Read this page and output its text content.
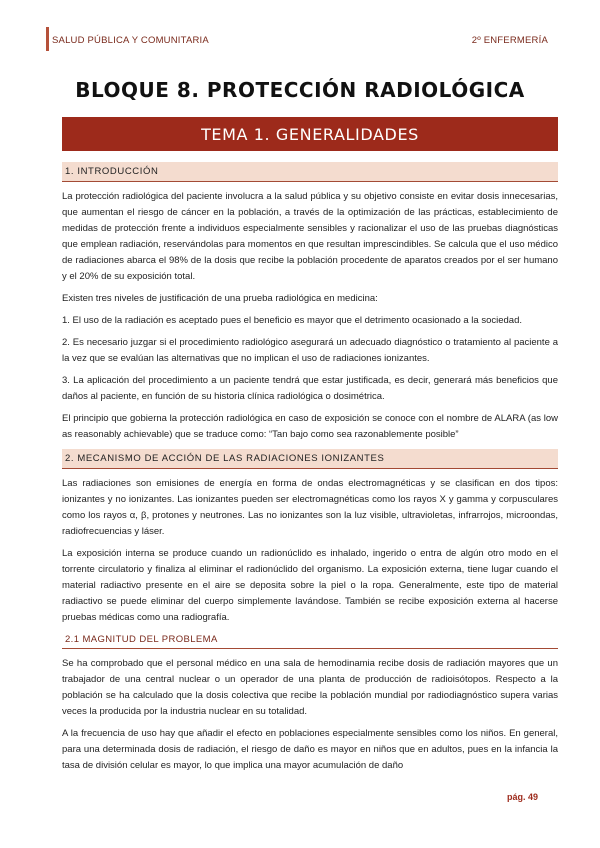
SALUD PÚBLICA Y COMUNITARIA	2º ENFERMERÍA
BLOQUE 8. PROTECCIÓN RADIOLÓGICA
TEMA 1. GENERALIDADES
1. INTRODUCCIÓN

La protección radiológica del paciente involucra a la salud pública y su objetivo consiste en evitar dosis innecesarias, que aumentan el riesgo de cáncer en la población, a través de la optimización de las prácticas, establecimiento de medidas de protección frente a individuos especialmente sensibles y racionalizar el uso de las pruebas diagnósticas que emplean radiación, reservándolas para momentos en que resultan imprescindibles. Se calcula que el uso médico de radiaciones abarca el 98% de la dosis que recibe la población procedente de aparatos creados por el ser humano y el 20% de su exposición total.

Existen tres niveles de justificación de una prueba radiológica en medicina:

1. El uso de la radiación es aceptado pues el beneficio es mayor que el detrimento ocasionado a la sociedad.

2. Es necesario juzgar si el procedimiento radiológico asegurará un adecuado diagnóstico o tratamiento al paciente a la vez que se evalúan las alternativas que no implican el uso de radiaciones ionizantes.

3. La aplicación del procedimiento a un paciente tendrá que estar justificada, es decir, generará más beneficios que daños al paciente, en función de su historia clínica radiológica o dosimétrica.

El principio que gobierna la protección radiológica en caso de exposición se conoce con el nombre de ALARA (as low as reasonably achievable) que se traduce como: “Tan bajo como sea razonablemente posible”

2. MECANISMO DE ACCIÓN DE LAS RADIACIONES IONIZANTES

Las radiaciones son emisiones de energía en forma de ondas electromagnéticas y se clasifican en dos tipos: ionizantes y no ionizantes. Las ionizantes pueden ser electromagnéticas como los rayos X y gamma y corpusculares como los rayos α, β, protones y neutrones. Las no ionizantes son la luz visible, ultravioletas, infrarrojos, microondas, radiofrecuencias y láser.

La exposición interna se produce cuando un radionúclido es inhalado, ingerido o entra de algún otro modo en el torrente circulatorio y finaliza al eliminar el radionúclido del organismo. La exposición externa, tiene lugar cuando el material radiactivo presente en el aire se deposita sobre la piel o la ropa. Generalmente, este tipo de material radiactivo se puede eliminar del cuerpo simplemente lavándose. También se recibe exposición externa al hacerse pruebas médicas como una radiografía.

2.1 MAGNITUD DEL PROBLEMA

Se ha comprobado que el personal médico en una sala de hemodinamia recibe dosis de radiación mayores que un trabajador de una central nuclear o un operador de una planta de producción de radioisótopos. Respecto a la población se ha calculado que la dosis colectiva que recibe la población mundial por radiodiagnóstico supera varias veces la producida por la industria nuclear en su totalidad.

A la frecuencia de uso hay que añadir el efecto en poblaciones especialmente sensibles como los niños. En general, para una determinada dosis de radiación, el riesgo de daño es mayor en niños que en adultos, pues en la infancia la tasa de división celular es mayor, lo que implica una mayor acumulación de daño

pág. 49
